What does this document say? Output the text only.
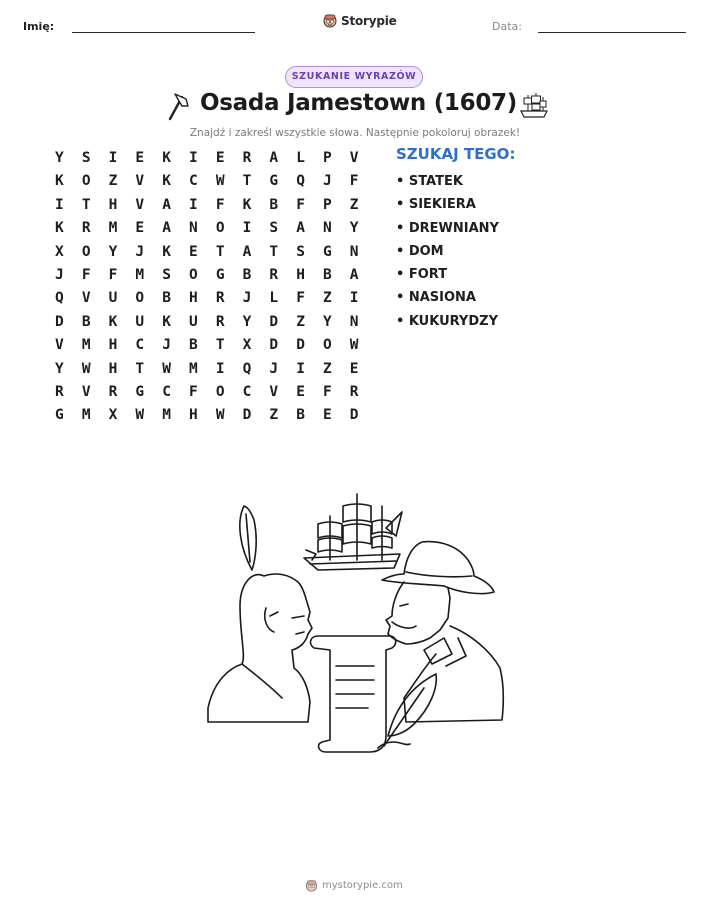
Imię:	Storypie	Data:
SZUKANIE WYRAZÓW
Osada Jamestown (1607)
Znajdź i zakreśl wszystkie słowa. Następnie pokoloruj obrazek!
Y	S	I	E	K	I	E	R	A	L	P	V
K	O	Z	V	K	C	W	T	G	Q	J	F
I	T	H	V	A	I	F	K	B	F	P	Z
K	R	M	E	A	N	O	I	S	A	N	Y
X	O	Y	J	K	E	T	A	T	S	G	N
J	F	F	M	S	O	G	B	R	H	B	A
Q	V	U	O	B	H	R	J	L	F	Z	I
D	B	K	U	K	U	R	Y	D	Z	Y	N
V	M	H	C	J	B	T	X	D	D	O	W
Y	W	H	T	W	M	I	Q	J	I	Z	E
R	V	R	G	C	F	O	C	V	E	F	R
G	M	X	W	M	H	W	D	Z	B	E	D
SZUKAJ TEGO:
• STATEK
• SIEKIERA
• DREWNIANY
• DOM
• FORT
• NASIONA
• KUKURYDZY
mystorypie.com
